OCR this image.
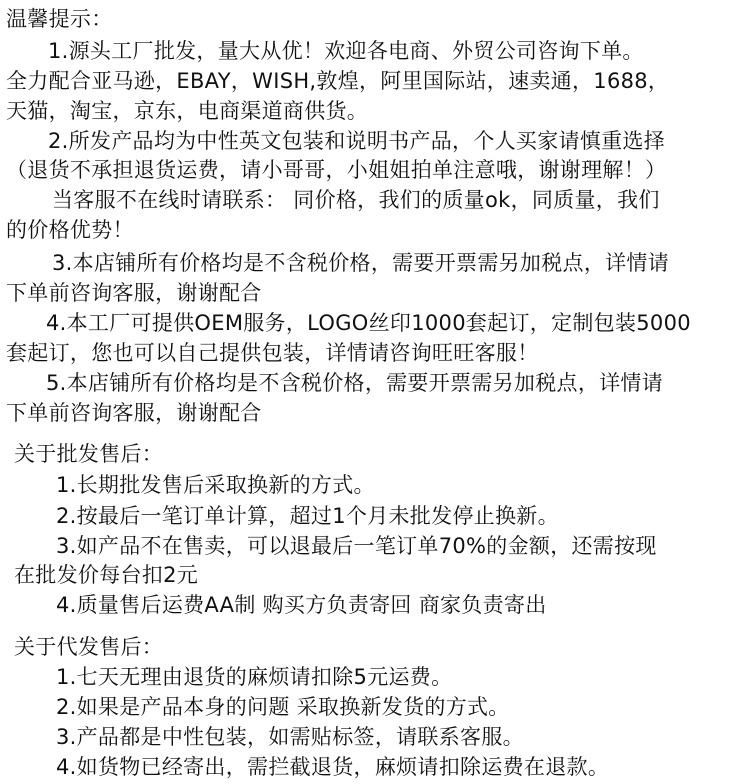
温馨提示：
1.源头工厂批发，量大从优！欢迎各电商、外贸公司咨询下单。
全力配合亚马逊，EBAY，WISH,敦煌，阿里国际站，速卖通，1688，
天猫，淘宝，京东，电商渠道商供货。
2.所发产品均为中性英文包装和说明书产品，个人买家请慎重选择
（退货不承担退货运费，请小哥哥，小姐姐拍单注意哦，谢谢理解！）
当客服不在线时请联系： 同价格，我们的质量ok，同质量，我们
的价格优势！
3.本店铺所有价格均是不含税价格，需要开票需另加税点，详情请
下单前咨询客服，谢谢配合
4.本工厂可提供OEM服务，LOGO丝印1000套起订，定制包装5000
套起订，您也可以自己提供包装，详情请咨询旺旺客服！
5.本店铺所有价格均是不含税价格，需要开票需另加税点，详情请
下单前咨询客服，谢谢配合
关于批发售后：
1.长期批发售后采取换新的方式。
2.按最后一笔订单计算，超过1个月未批发停止换新。
3.如产品不在售卖，可以退最后一笔订单70%的金额，还需按现
在批发价每台扣2元
4.质量售后运费AA制 购买方负责寄回 商家负责寄出
关于代发售后：
1.七天无理由退货的麻烦请扣除5元运费。
2.如果是产品本身的问题 采取换新发货的方式。
3.产品都是中性包装，如需贴标签，请联系客服。
4.如货物已经寄出，需拦截退货，麻烦请扣除运费在退款。
